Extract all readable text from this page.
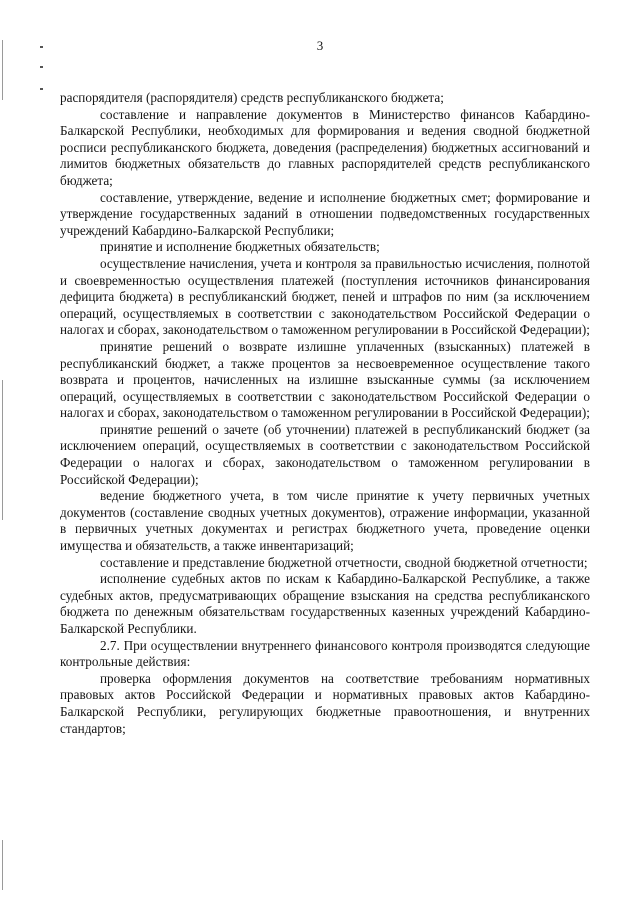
3

распорядителя (распорядителя) средств республиканского бюджета;

составление и направление документов в Министерство финансов Кабардино-Балкарской Республики, необходимых для формирования и ведения сводной бюджетной росписи республиканского бюджета, доведения (распределения) бюджетных ассигнований и лимитов бюджетных обязательств до главных распорядителей средств республиканского бюджета;

составление, утверждение, ведение и исполнение бюджетных смет; формирование и утверждение государственных заданий в отношении подведомственных государственных учреждений Кабардино-Балкарской Республики;

принятие и исполнение бюджетных обязательств;

осуществление начисления, учета и контроля за правильностью исчисления, полнотой и своевременностью осуществления платежей (поступления источников финансирования дефицита бюджета) в республиканский бюджет, пеней и штрафов по ним (за исключением операций, осуществляемых в соответствии с законодательством Российской Федерации о налогах и сборах, законодательством о таможенном регулировании в Российской Федерации);

принятие решений о возврате излишне уплаченных (взысканных) платежей в республиканский бюджет, а также процентов за несвоевременное осуществление такого возврата и процентов, начисленных на излишне взысканные суммы (за исключением операций, осуществляемых в соответствии с законодательством Российской Федерации о налогах и сборах, законодательством о таможенном регулировании в Российской Федерации);

принятие решений о зачете (об уточнении) платежей в республиканский бюджет (за исключением операций, осуществляемых в соответствии с законодательством Российской Федерации о налогах и сборах, законодательством о таможенном регулировании в Российской Федерации);

ведение бюджетного учета, в том числе принятие к учету первичных учетных документов (составление сводных учетных документов), отражение информации, указанной в первичных учетных документах и регистрах бюджетного учета, проведение оценки имущества и обязательств, а также инвентаризаций;

составление и представление бюджетной отчетности, сводной бюджетной отчетности;

исполнение судебных актов по искам к Кабардино-Балкарской Республике, а также судебных актов, предусматривающих обращение взыскания на средства республиканского бюджета по денежным обязательствам государственных казенных учреждений Кабардино-Балкарской Республики.

2.7. При осуществлении внутреннего финансового контроля производятся следующие контрольные действия:

проверка оформления документов на соответствие требованиям нормативных правовых актов Российской Федерации и нормативных правовых актов Кабардино-Балкарской Республики, регулирующих бюджетные правоотношения, и внутренних стандартов;
